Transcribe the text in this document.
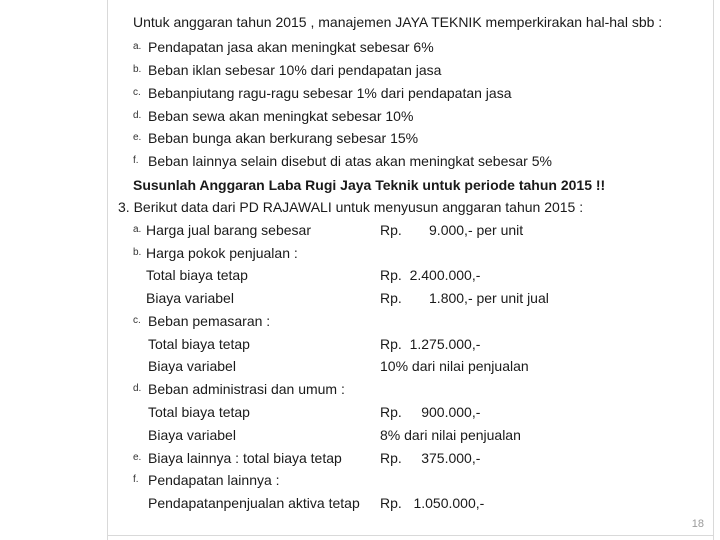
Untuk anggaran tahun 2015 , manajemen JAYA TEKNIK memperkirakan hal-hal sbb :
a. Pendapatan jasa akan meningkat sebesar 6%
b. Beban iklan sebesar 10% dari pendapatan jasa
c. Bebanpiutang ragu-ragu sebesar 1% dari pendapatan jasa
d. Beban sewa akan meningkat sebesar 10%
e. Beban bunga akan berkurang sebesar 15%
f. Beban lainnya selain disebut di atas akan meningkat sebesar 5%
Susunlah Anggaran Laba Rugi Jaya Teknik untuk periode tahun 2015 !!
3. Berikut data dari PD RAJAWALI untuk menyusun anggaran tahun 2015 :
a. Harga jual barang sebesar	Rp.       9.000,- per unit
b. Harga pokok penjualan :
Total biaya tetap	Rp.  2.400.000,-
Biaya variabel	Rp.       1.800,- per unit jual
c. Beban pemasaran :
Total biaya tetap	Rp.  1.275.000,-
Biaya variabel	10% dari nilai penjualan
d. Beban administrasi dan umum :
Total biaya tetap	Rp.     900.000,-
Biaya variabel	8% dari nilai penjualan
e. Biaya lainnya : total biaya tetap	Rp.     375.000,-
f. Pendapatan lainnya :
Pendapatanpenjualan aktiva tetap Rp.   1.050.000,-
18
